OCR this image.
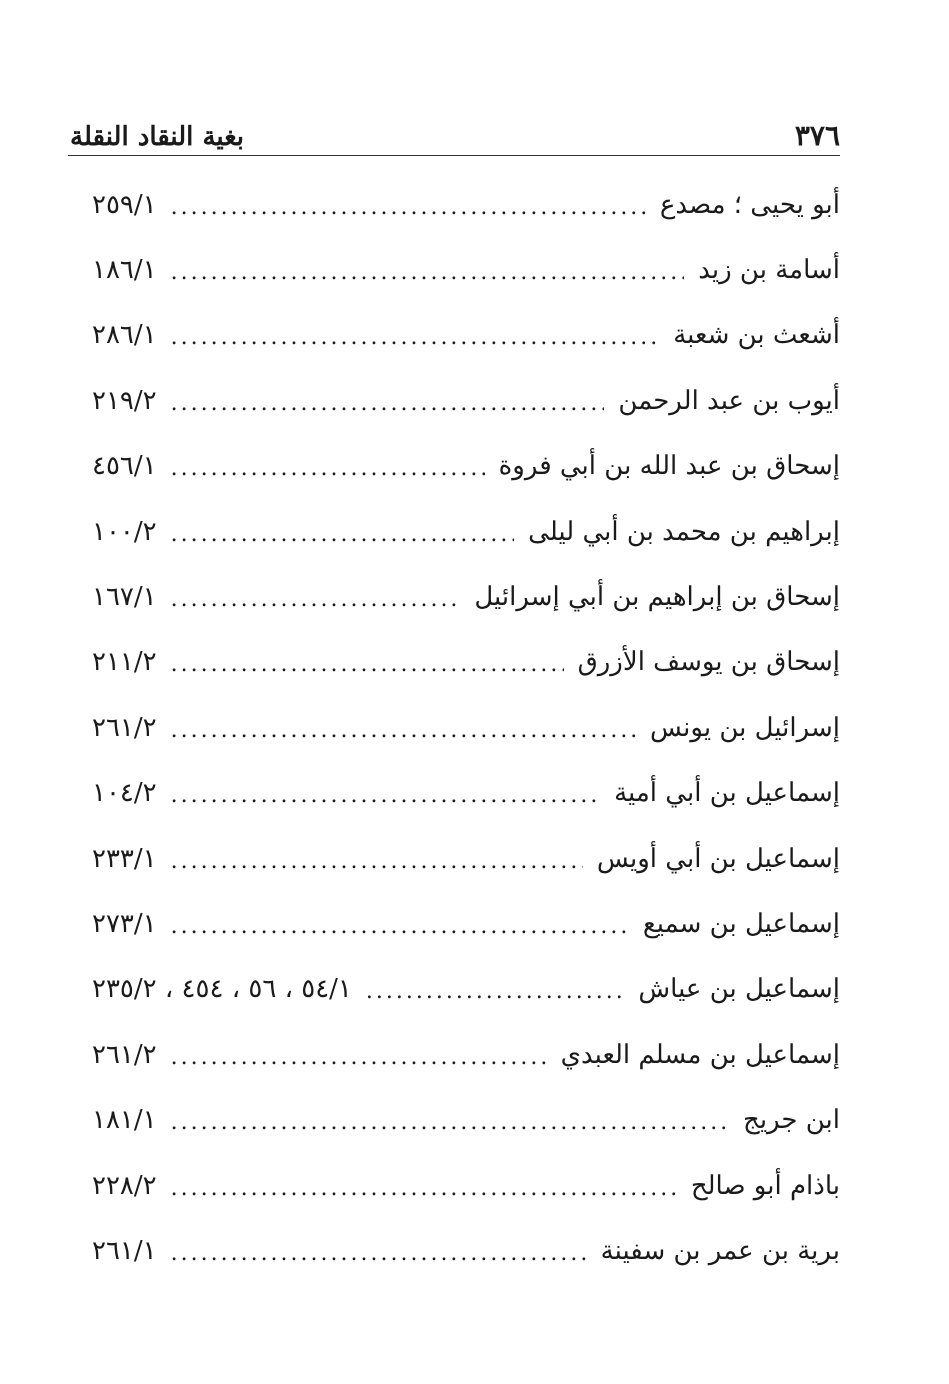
بغية النقاد النقلة	٣٧٦
أبو يحيى ؛ مصدع
.....
٢٥٩/١
أسامة بن زيد
.....
١٨٦/١
أشعث بن شعبة
.....
٢٨٦/١
أيوب بن عبد الرحمن
.....
٢١٩/٢
إسحاق بن عبد الله بن أبي فروة
.....
٤٥٦/١
إبراهيم بن محمد بن أبي ليلى
.....
١٠٠/٢
إسحاق بن إبراهيم بن أبي إسرائيل
.....
١٦٧/١
إسحاق بن يوسف الأزرق
.....
٢١١/٢
إسرائيل بن يونس
.....
٢٦١/٢
إسماعيل بن أبي أمية
.....
١٠٤/٢
إسماعيل بن أبي أويس
.....
٢٣٣/١
إسماعيل بن سميع
.....
٢٧٣/١
إسماعيل بن عياش
.....
٥٤/١ ، ٥٦ ، ٤٥٤ ، ٢٣٥/٢
إسماعيل بن مسلم العبدي
.....
٢٦١/٢
ابن جريج
.....
١٨١/١
باذام أبو صالح
.....
٢٢٨/٢
برية بن عمر بن سفينة
.....
٢٦١/١
